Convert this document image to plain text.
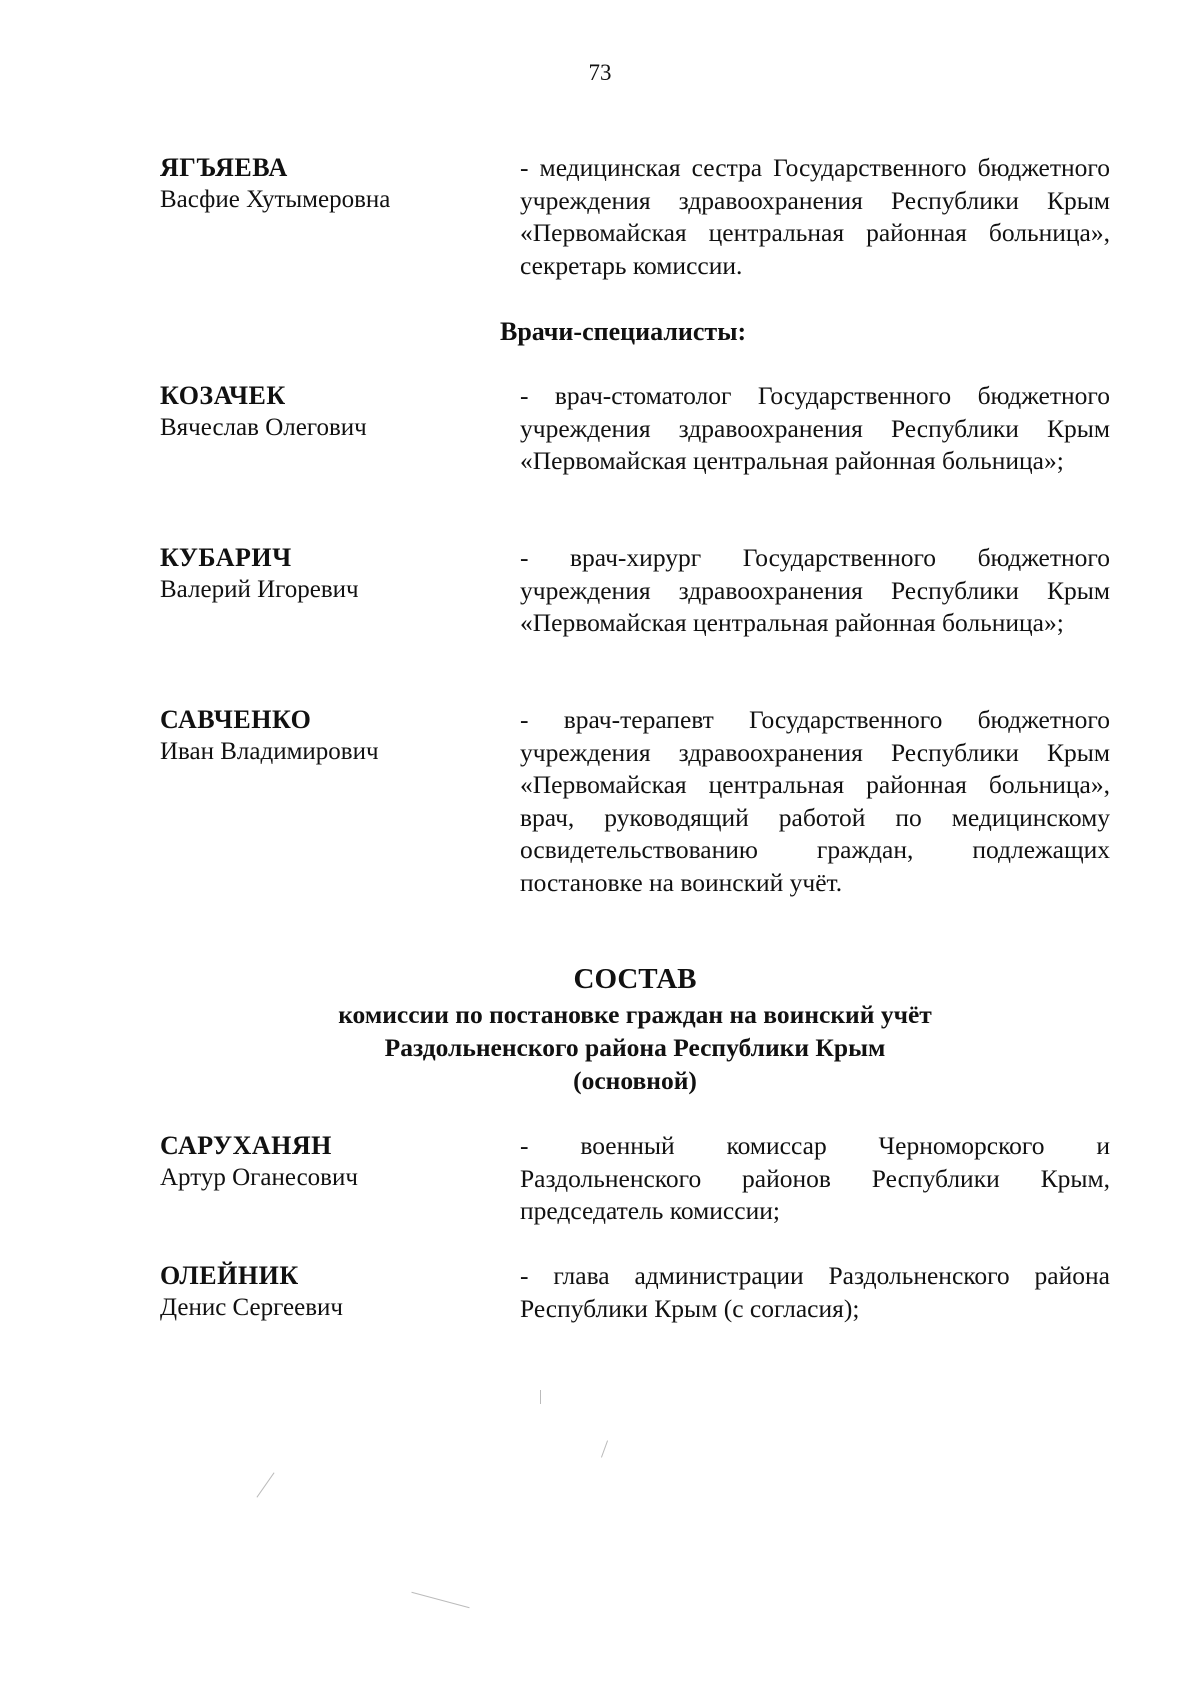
73
ЯГЪЯЕВА
Васфие Хутымеровна
- медицинская сестра Государственного бюджетного учреждения здравоохранения Республики Крым «Первомайская центральная районная больница», секретарь комиссии.
Врачи-специалисты:
КОЗАЧЕК
Вячеслав Олегович
- врач-стоматолог Государственного бюджетного учреждения здравоохранения Республики Крым «Первомайская центральная районная больница»;
КУБАРИЧ
Валерий Игоревич
- врач-хирург Государственного бюджетного учреждения здравоохранения Республики Крым «Первомайская центральная районная больница»;
САВЧЕНКО
Иван Владимирович
- врач-терапевт Государственного бюджетного учреждения здравоохранения Республики Крым «Первомайская центральная районная больница», врач, руководящий работой по медицинскому освидетельствованию граждан, подлежащих постановке на воинский учёт.
СОСТАВ
комиссии по постановке граждан на воинский учёт
Раздольненского района Республики Крым
(основной)
САРУХАНЯН
Артур Оганесович
- военный комиссар Черноморского и Раздольненского районов Республики Крым, председатель комиссии;
ОЛЕЙНИК
Денис Сергеевич
- глава администрации Раздольненского района Республики Крым (с согласия);
